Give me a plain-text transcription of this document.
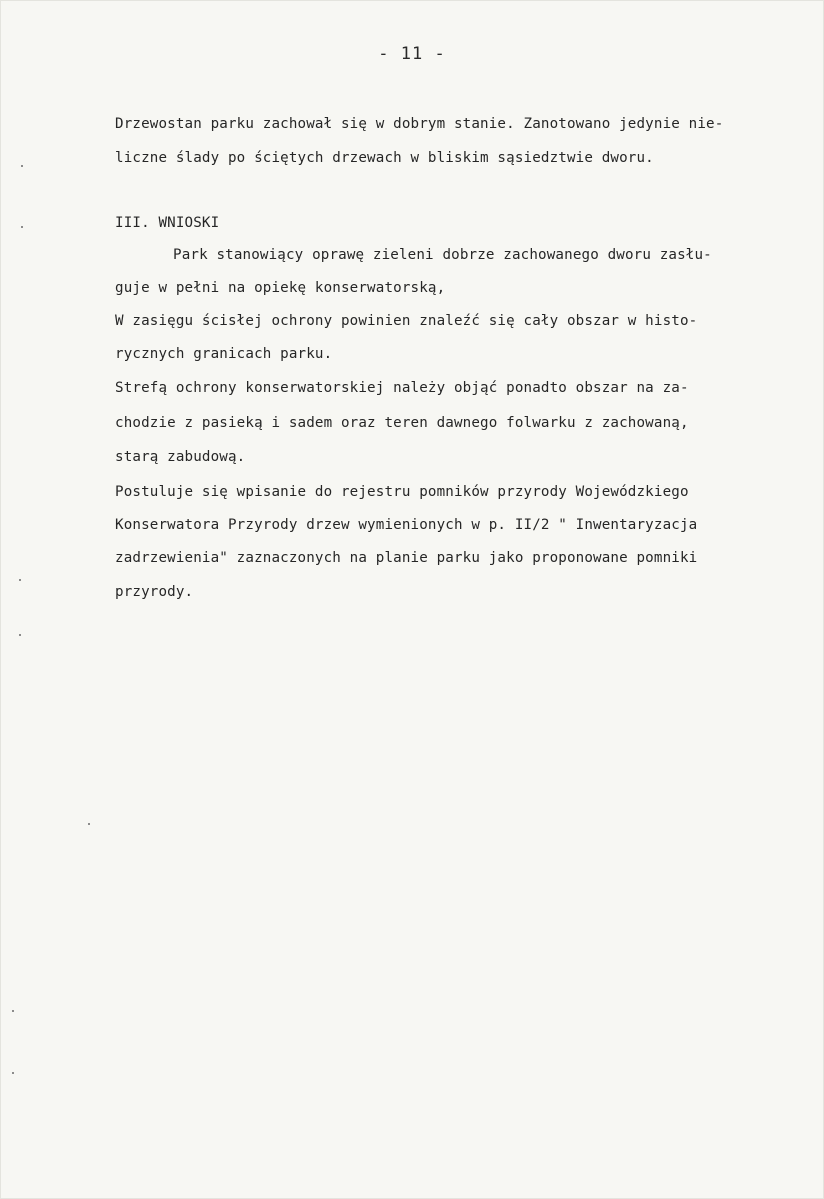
- 11 -
Drzewostan parku zachował się w dobrym stanie. Zanotowano jedynie nie-
liczne ślady po ściętych drzewach w bliskim sąsiedztwie dworu.
III. WNIOSKI
Park stanowiący oprawę zieleni dobrze zachowanego dworu zasłu-
guje w pełni na opiekę konserwatorską,
W zasięgu ścisłej ochrony powinien znaleźć się cały obszar w histo-
rycznych granicach parku.
Strefą ochrony konserwatorskiej należy objąć ponadto obszar na za-
chodzie z pasieką i sadem oraz teren dawnego folwarku z zachowaną,
starą zabudową.
Postuluje się wpisanie do rejestru pomników przyrody Wojewódzkiego
Konserwatora Przyrody drzew wymienionych w p. II/2 " Inwentaryzacja
zadrzewienia" zaznaczonych na planie parku jako proponowane pomniki
przyrody.
